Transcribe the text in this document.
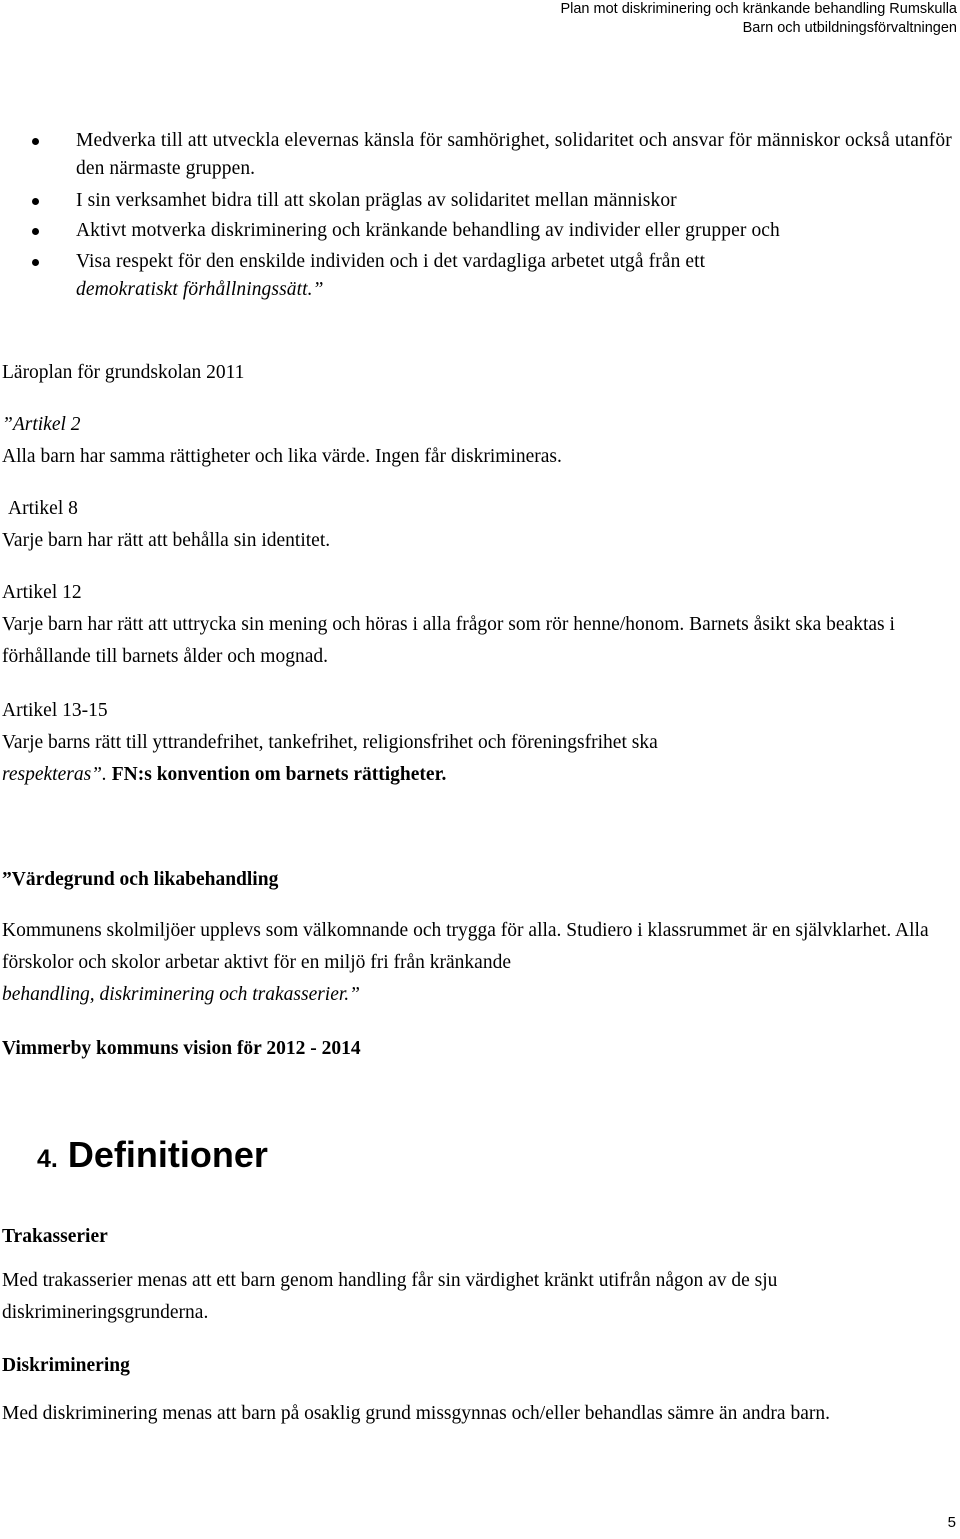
Plan mot diskriminering och kränkande behandling Rumskulla
Barn och utbildningsförvaltningen
Medverka till att utveckla elevernas känsla för samhörighet, solidaritet och ansvar för människor också utanför den närmaste gruppen.
I sin verksamhet bidra till att skolan präglas av solidaritet mellan människor
Aktivt motverka diskriminering och kränkande behandling av individer eller grupper och
Visa respekt för den enskilde individen och i det vardagliga arbetet utgå från ett
demokratiskt förhållningssätt.”
Läroplan för grundskolan 2011

”Artikel 2

Alla barn har samma rättigheter och lika värde. Ingen får diskrimineras.

Artikel 8

Varje barn har rätt att behålla sin identitet.

Artikel 12

Varje barn har rätt att uttrycka sin mening och höras i alla frågor som rör henne/honom. Barnets åsikt ska beaktas i förhållande till barnets ålder och mognad.

Artikel 13-15

Varje barns rätt till yttrandefrihet, tankefrihet, religionsfrihet och föreningsfrihet ska
respekteras”. FN:s konvention om barnets rättigheter.

”Värdegrund och likabehandling

Kommunens skolmiljöer upplevs som välkomnande och trygga för alla. Studiero i klassrummet är en självklarhet. Alla förskolor och skolor arbetar aktivt för en miljö fri från kränkande
behandling, diskriminering och trakasserier.”

Vimmerby kommuns vision för 2012 - 2014
4. Definitioner
Trakasserier
Med trakasserier menas att ett barn genom handling får sin värdighet kränkt utifrån någon av de sju diskrimineringsgrunderna.
Diskriminering
Med diskriminering menas att barn på osaklig grund missgynnas och/eller behandlas sämre än andra barn.
5
